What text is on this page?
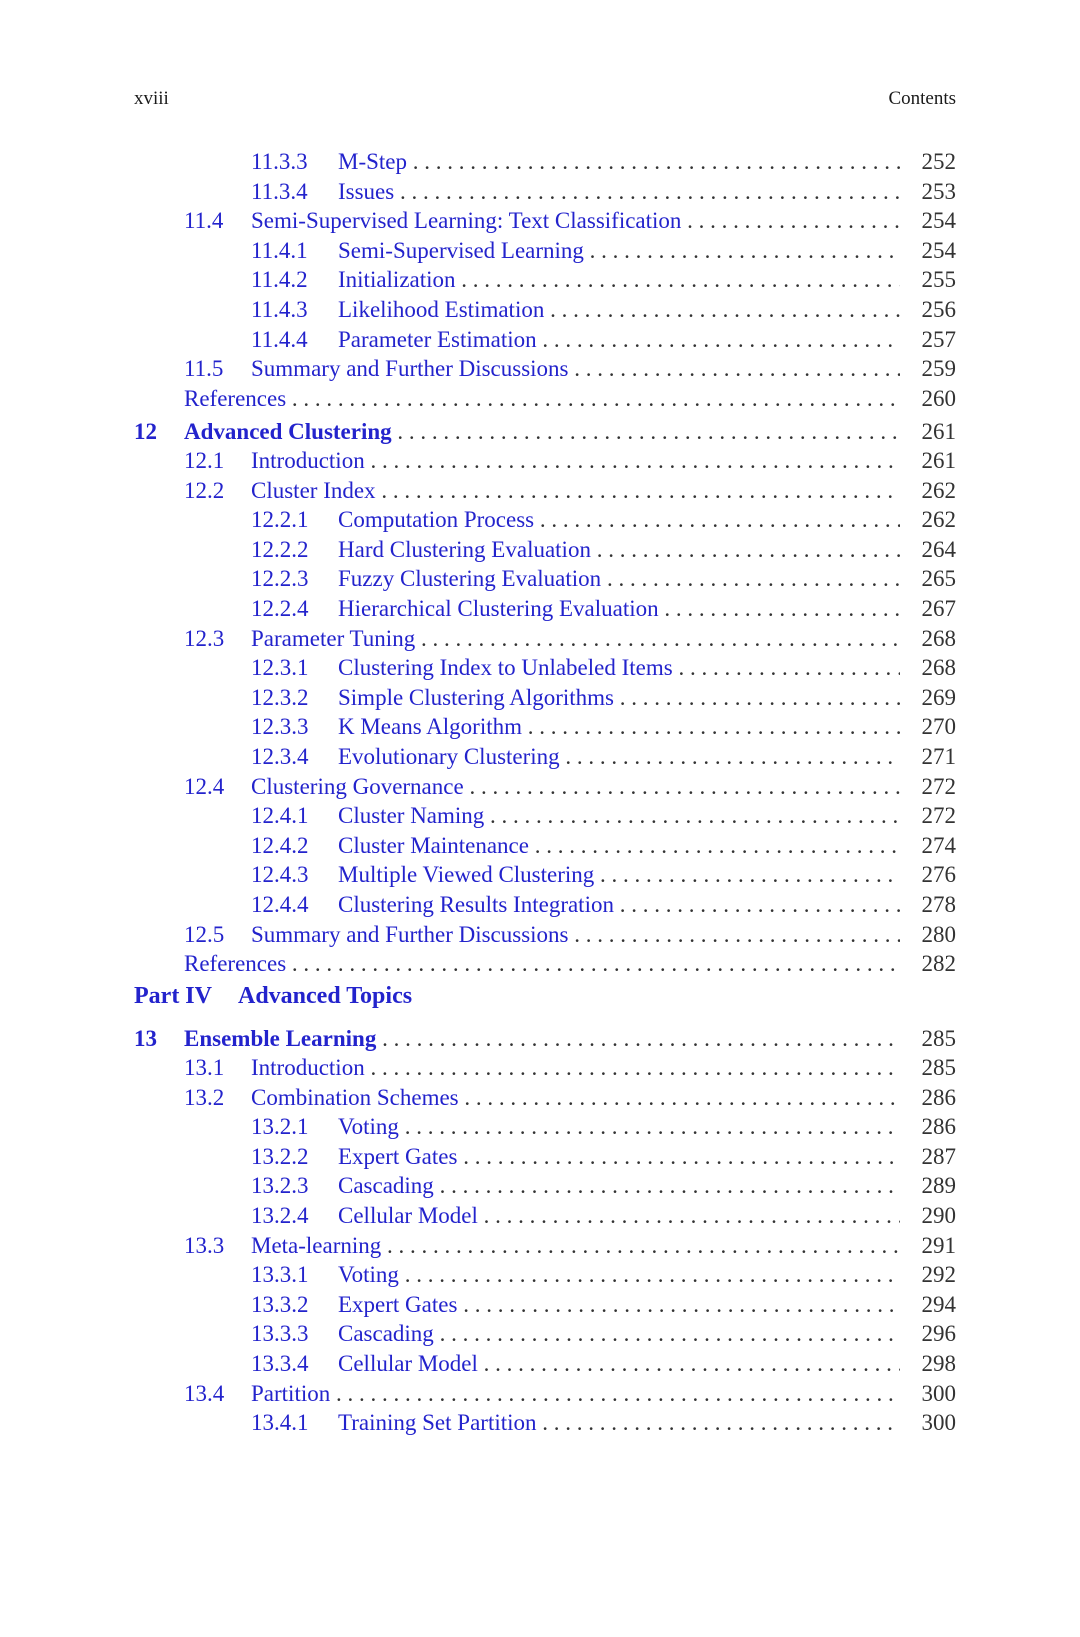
xviii	Contents
11.3.3 M-Step . . .	252
11.3.4 Issues . . .	253
11.4 Semi-Supervised Learning: Text Classification . . .	254
11.4.1 Semi-Supervised Learning . . .	254
11.4.2 Initialization . . .	255
11.4.3 Likelihood Estimation . . .	256
11.4.4 Parameter Estimation . . .	257
11.5 Summary and Further Discussions . . .	259
References . . .	260
12 Advanced Clustering . . .	261
12.1 Introduction . . .	261
12.2 Cluster Index . . .	262
12.2.1 Computation Process . . .	262
12.2.2 Hard Clustering Evaluation . . .	264
12.2.3 Fuzzy Clustering Evaluation . . .	265
12.2.4 Hierarchical Clustering Evaluation . . .	267
12.3 Parameter Tuning . . .	268
12.3.1 Clustering Index to Unlabeled Items . . .	268
12.3.2 Simple Clustering Algorithms . . .	269
12.3.3 K Means Algorithm . . .	270
12.3.4 Evolutionary Clustering . . .	271
12.4 Clustering Governance . . .	272
12.4.1 Cluster Naming . . .	272
12.4.2 Cluster Maintenance . . .	274
12.4.3 Multiple Viewed Clustering . . .	276
12.4.4 Clustering Results Integration . . .	278
12.5 Summary and Further Discussions . . .	280
References . . .	282
13 Ensemble Learning . . .	285
13.1 Introduction . . .	285
13.2 Combination Schemes . . .	286
13.2.1 Voting . . .	286
13.2.2 Expert Gates . . .	287
13.2.3 Cascading . . .	289
13.2.4 Cellular Model . . .	290
13.3 Meta-learning . . .	291
13.3.1 Voting . . .	292
13.3.2 Expert Gates . . .	294
13.3.3 Cascading . . .	296
13.3.4 Cellular Model . . .	298
13.4 Partition . . .	300
13.4.1 Training Set Partition . . .	300
Part IV Advanced Topics
